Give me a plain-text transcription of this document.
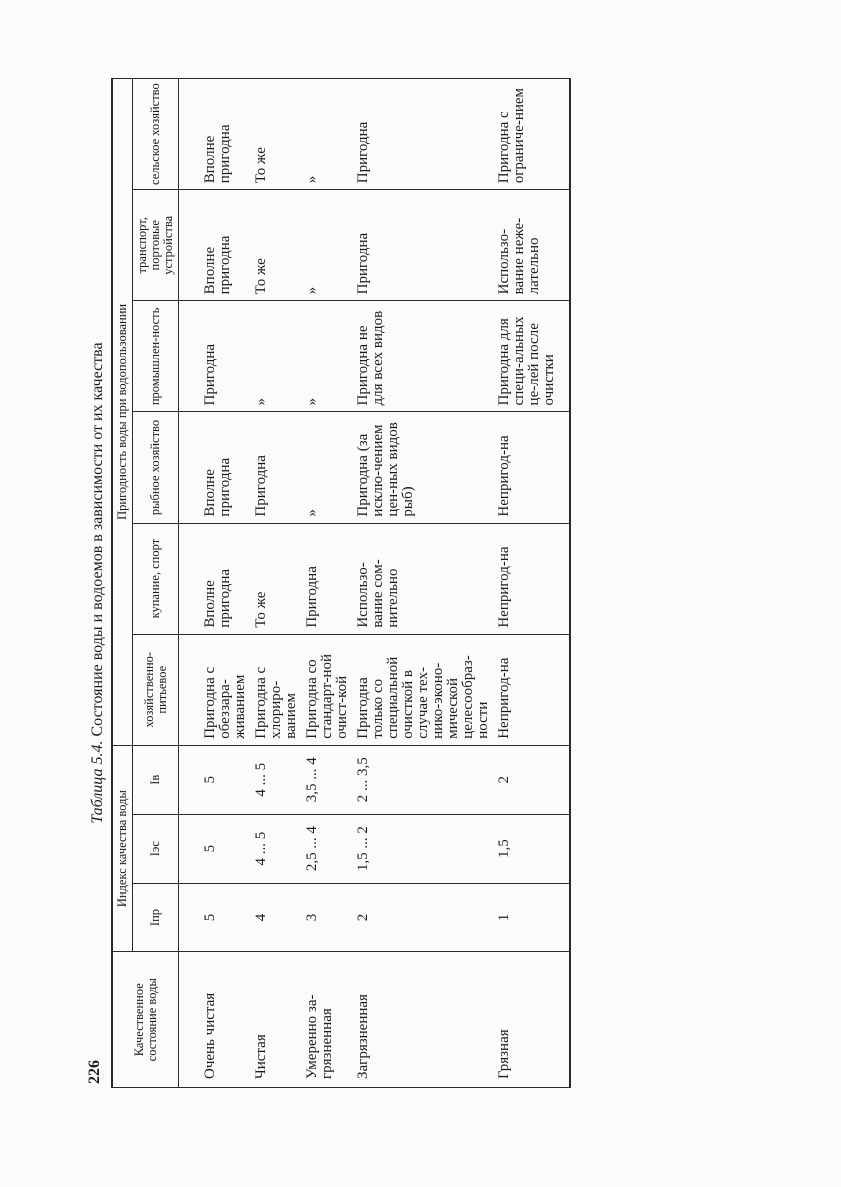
226
Таблица 5.4. Состояние воды и водоемов в зависимости от их качества
Качественное состояние воды	Индекс качества воды			Пригодность воды при водопользовании					
	Iпр	Iэс	Iв	хозяйственно-питьевое	купание, спорт	рыбное хозяйство	промышлен-ность	транспорт, портовые устройства	сельское хозяйство
Очень чистая	5	5	5	Пригодна с обеззара-живанием	Вполне пригодна	Вполне пригодна	Пригодна	Вполне пригодна	Вполне пригодна
Чистая	4	4 ... 5	4 ... 5	Пригодна с хлориро-ванием	То же	Пригодна	»	То же	То же
Умеренно за-грязненная	3	2,5 ... 4	3,5 ... 4	Пригодна со стандарт-ной очист-кой	Пригодна	»	»	»	»
Загрязненная	2	1,5 ... 2	2 ... 3,5	Пригодна только со специальной очисткой в случае тех-нико-эконо-мической целесообраз-ности	Использо-вание сом-нительно	Пригодна (за исклю-чением цен-ных видов рыб)	Пригодна не для всех видов	Пригодна	Пригодна
Грязная	1	1,5	2	Непригод-на	Непригод-на	Непригод-на	Пригодна для специ-альных це-лей после очистки	Использо-вание неже-лательно	Пригодна с ограниче-нием
